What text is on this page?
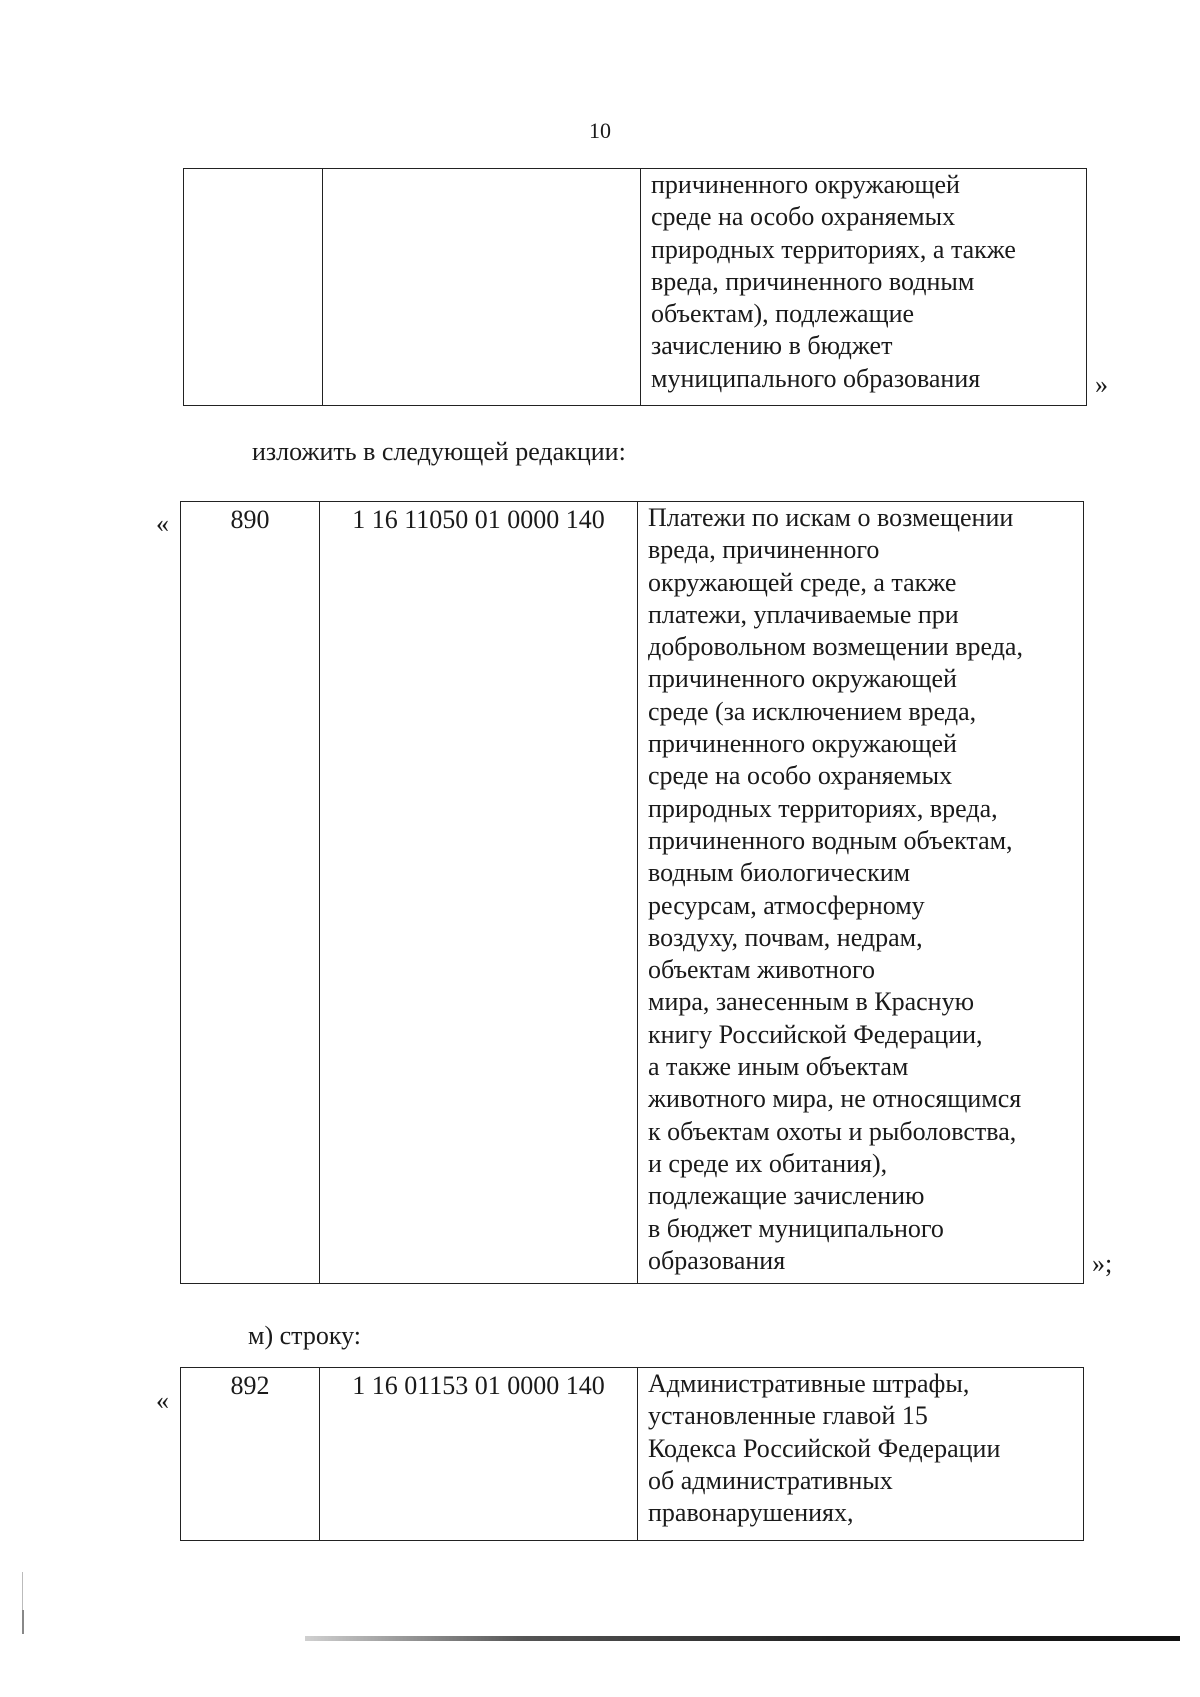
10

причиненного окружающей
среде на особо охраняемых
природных территориях, а также
вреда, причиненного водным
объектам), подлежащие
зачислению в бюджет
муниципального образования	»
изложить в следующей редакции:
« 890	1 16 11050 01 0000 140	Платежи по искам о возмещении
вреда, причиненного
окружающей среде, а также
платежи, уплачиваемые при
добровольном возмещении вреда,
причиненного окружающей
среде (за исключением вреда,
причиненного окружающей
среде на особо охраняемых
природных территориях, вреда,
причиненного водным объектам,
водным биологическим
ресурсам, атмосферному
воздуху, почвам, недрам,
объектам животного
мира, занесенным в Красную
книгу Российской Федерации,
а также иным объектам
животного мира, не относящимся
к объектам охоты и рыболовства,
и среде их обитания),
подлежащие зачислению
в бюджет муниципального
образования	»;
м) строку:
«
892	1 16 01153 01 0000 140	Административные штрафы,
установленные главой 15
Кодекса Российской Федерации
об административных
правонарушениях,
